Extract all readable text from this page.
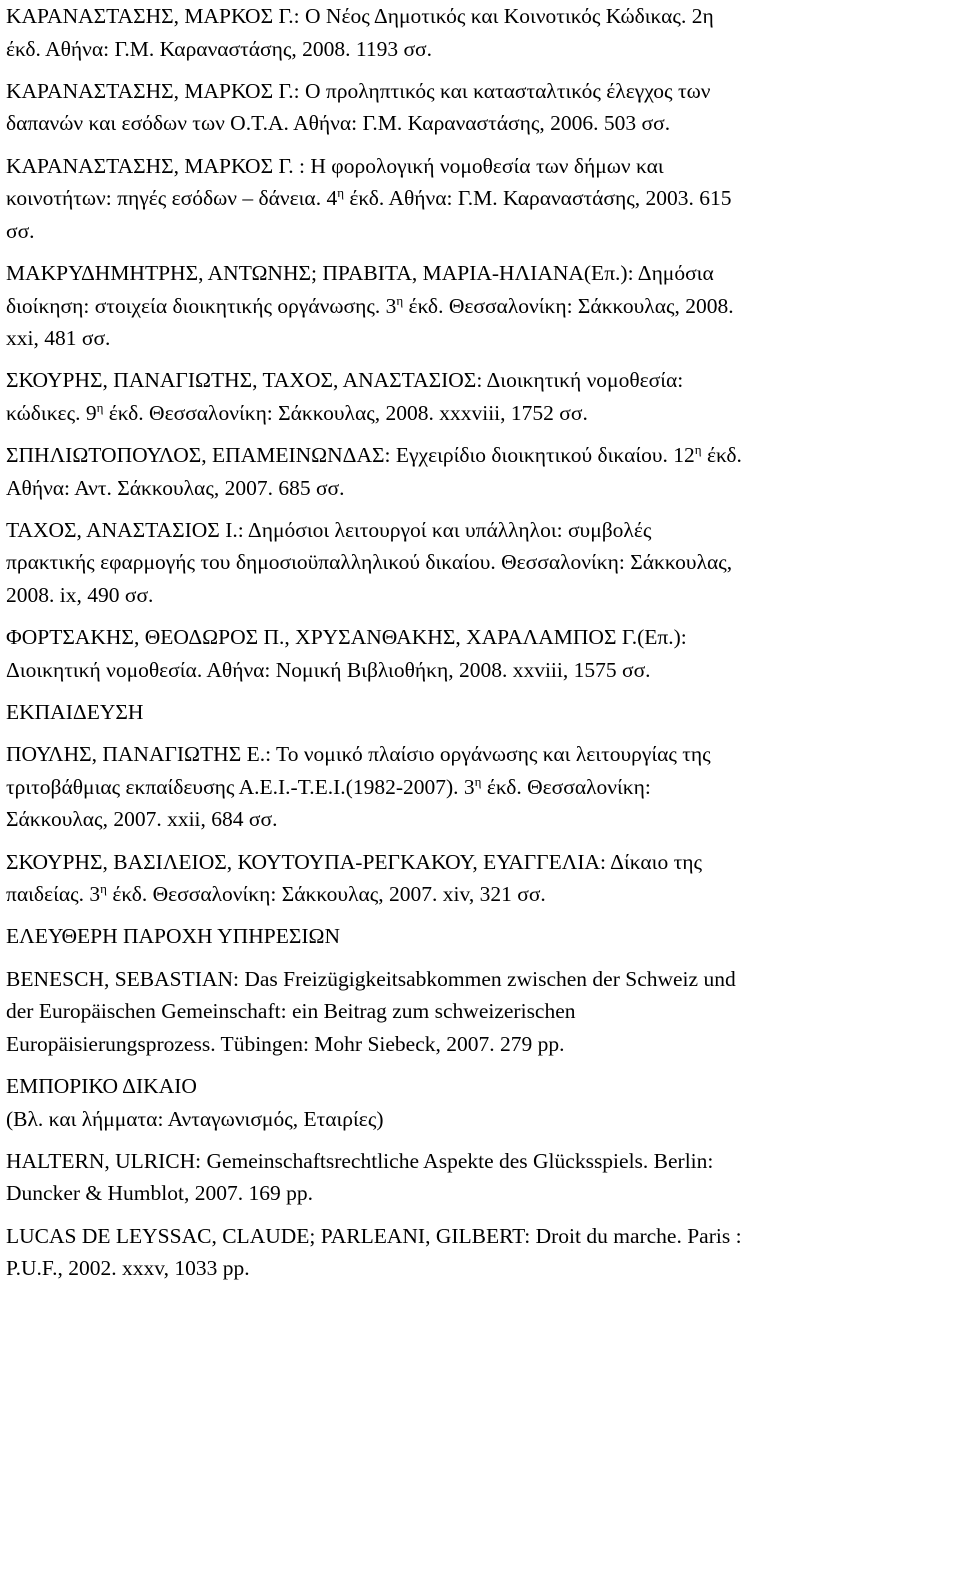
ΚΑΡΑΝΑΣΤΑΣΗΣ, ΜΑΡΚΟΣ Γ.: Ο Νέος Δημοτικός και Κοινοτικός Κώδικας. 2η
έκδ. Αθήνα: Γ.Μ. Καραναστάσης, 2008. 1193 σσ.
ΚΑΡΑΝΑΣΤΑΣΗΣ, ΜΑΡΚΟΣ Γ.: Ο προληπτικός και κατασταλτικός έλεγχος των
δαπανών και εσόδων των Ο.Τ.Α. Αθήνα: Γ.Μ. Καραναστάσης, 2006. 503 σσ.
ΚΑΡΑΝΑΣΤΑΣΗΣ, ΜΑΡΚΟΣ Γ. : Η φορολογική νομοθεσία των δήμων και
κοινοτήτων: πηγές εσόδων – δάνεια. $4^\eta$ έκδ. Αθήνα: Γ.Μ. Καραναστάσης, 2003. 615
σσ.
ΜΑΚΡΥΔΗΜΗΤΡΗΣ, ΑΝΤΩΝΗΣ; ΠΡΑΒΙΤΑ, ΜΑΡΙΑ-ΗΛΙΑΝΑ(Επ.): Δημόσια
διοίκηση: στοιχεία διοικητικής οργάνωσης. $3^\eta$ έκδ. Θεσσαλονίκη: Σάκκουλας, 2008.
xxi, 481 σσ.
ΣΚΟΥΡΗΣ, ΠΑΝΑΓΙΩΤΗΣ, ΤΑΧΟΣ, ΑΝΑΣΤΑΣΙΟΣ: Διοικητική νομοθεσία:
κώδικες. $9^\eta$ έκδ. Θεσσαλονίκη: Σάκκουλας, 2008. xxxviii, 1752 σσ.
ΣΠΗΛΙΩΤΟΠΟΥΛΟΣ, ΕΠΑΜΕΙΝΩΝΔΑΣ: Εγχειρίδιο διοικητικού δικαίου. $12^\eta$ έκδ.
Αθήνα: Αντ. Σάκκουλας, 2007. 685 σσ.
ΤΑΧΟΣ, ΑΝΑΣΤΑΣΙΟΣ Ι.: Δημόσιοι λειτουργοί και υπάλληλοι: συμβολές
πρακτικής εφαρμογής του δημοσιοϋπαλληλικού δικαίου. Θεσσαλονίκη: Σάκκουλας,
2008. ix, 490 σσ.
ΦΟΡΤΣΑΚΗΣ, ΘΕΟΔΩΡΟΣ Π., ΧΡΥΣΑΝΘΑΚΗΣ, ΧΑΡΑΛΑΜΠΟΣ Γ.(Επ.):
Διοικητική νομοθεσία. Αθήνα: Νομική Βιβλιοθήκη, 2008. xxviii, 1575 σσ.
ΕΚΠΑΙΔΕΥΣΗ
ΠΟΥΛΗΣ, ΠΑΝΑΓΙΩΤΗΣ Ε.: Το νομικό πλαίσιο οργάνωσης και λειτουργίας της
τριτοβάθμιας εκπαίδευσης Α.Ε.Ι.-Τ.Ε.Ι.(1982-2007). $3^\eta$ έκδ. Θεσσαλονίκη:
Σάκκουλας, 2007. xxii, 684 σσ.
ΣΚΟΥΡΗΣ, ΒΑΣΙΛΕΙΟΣ, ΚΟΥΤΟΥΠΑ-ΡΕΓΚΑΚΟΥ, ΕΥΑΓΓΕΛΙΑ: Δίκαιο της
παιδείας. $3^\eta$ έκδ. Θεσσαλονίκη: Σάκκουλας, 2007. xiv, 321 σσ.
ΕΛΕΥΘΕΡΗ ΠΑΡΟΧΗ ΥΠΗΡΕΣΙΩΝ
BENESCH, SEBASTIAN: Das Freizügigkeitsabkommen zwischen der Schweiz und
der Europäischen Gemeinschaft: ein Beitrag zum schweizerischen
Europäisierungsprozess. Tübingen: Mohr Siebeck, 2007. 279 pp.
ΕΜΠΟΡΙΚΟ ΔΙΚΑΙΟ
(Βλ. και λήμματα: Ανταγωνισμός, Εταιρίες)
HALTERN, ULRICH: Gemeinschaftsrechtliche Aspekte des Glücksspiels. Berlin:
Duncker & Humblot, 2007. 169 pp.
LUCAS DE LEYSSAC, CLAUDE; PARLEANI, GILBERT: Droit du marche. Paris :
P.U.F., 2002. xxxv, 1033 pp.
